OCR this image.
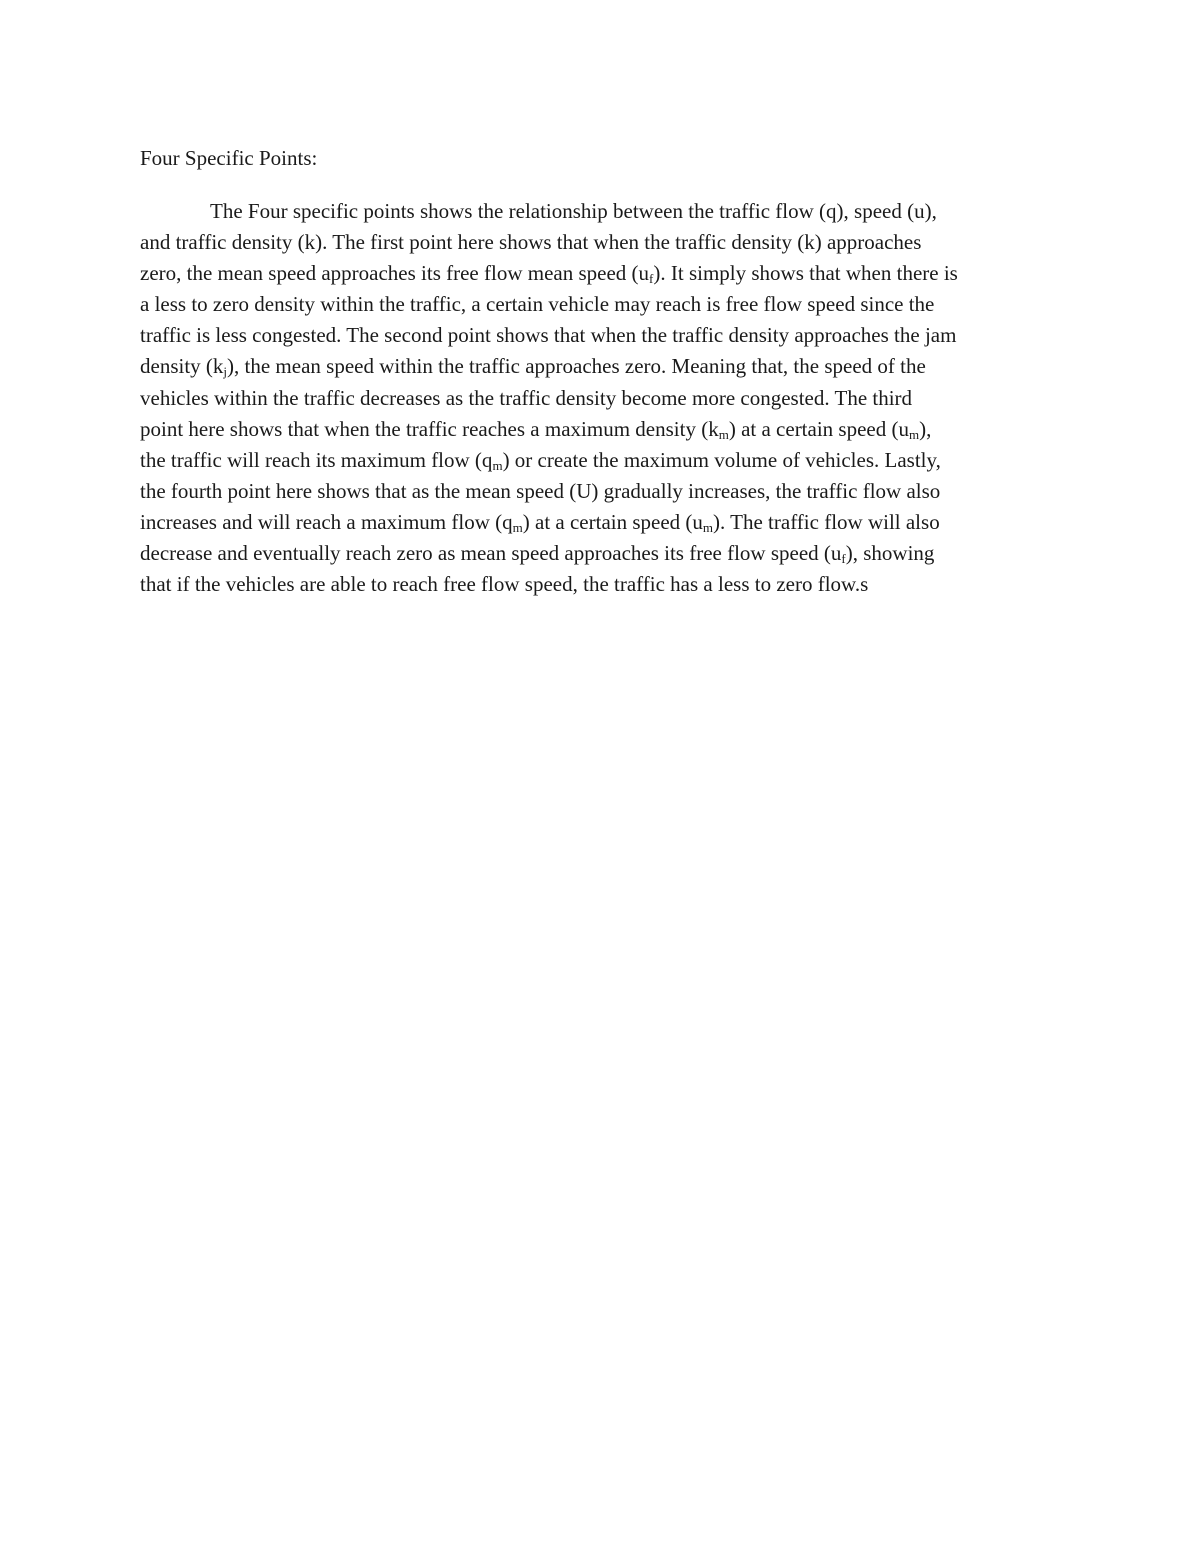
Four Specific Points:
The Four specific points shows the relationship between the traffic flow (q), speed (u),
and traffic density (k). The first point here shows that when the traffic density (k) approaches
zero, the mean speed approaches its free flow mean speed $(u_f)$. It simply shows that when there is
a less to zero density within the traffic, a certain vehicle may reach is free flow speed since the
traffic is less congested. The second point shows that when the traffic density approaches the jam
density $(k_j)$, the mean speed within the traffic approaches zero. Meaning that, the speed of the
vehicles within the traffic decreases as the traffic density become more congested. The third
point here shows that when the traffic reaches a maximum density $(k_m)$ at a certain speed $(u_m)$,
the traffic will reach its maximum flow $(q_m)$ or create the maximum volume of vehicles. Lastly,
the fourth point here shows that as the mean speed (U) gradually increases, the traffic flow also
increases and will reach a maximum flow $(q_m)$ at a certain speed $(u_m)$. The traffic flow will also
decrease and eventually reach zero as mean speed approaches its free flow speed $(u_f)$, showing
that if the vehicles are able to reach free flow speed, the traffic has a less to zero flow.s
